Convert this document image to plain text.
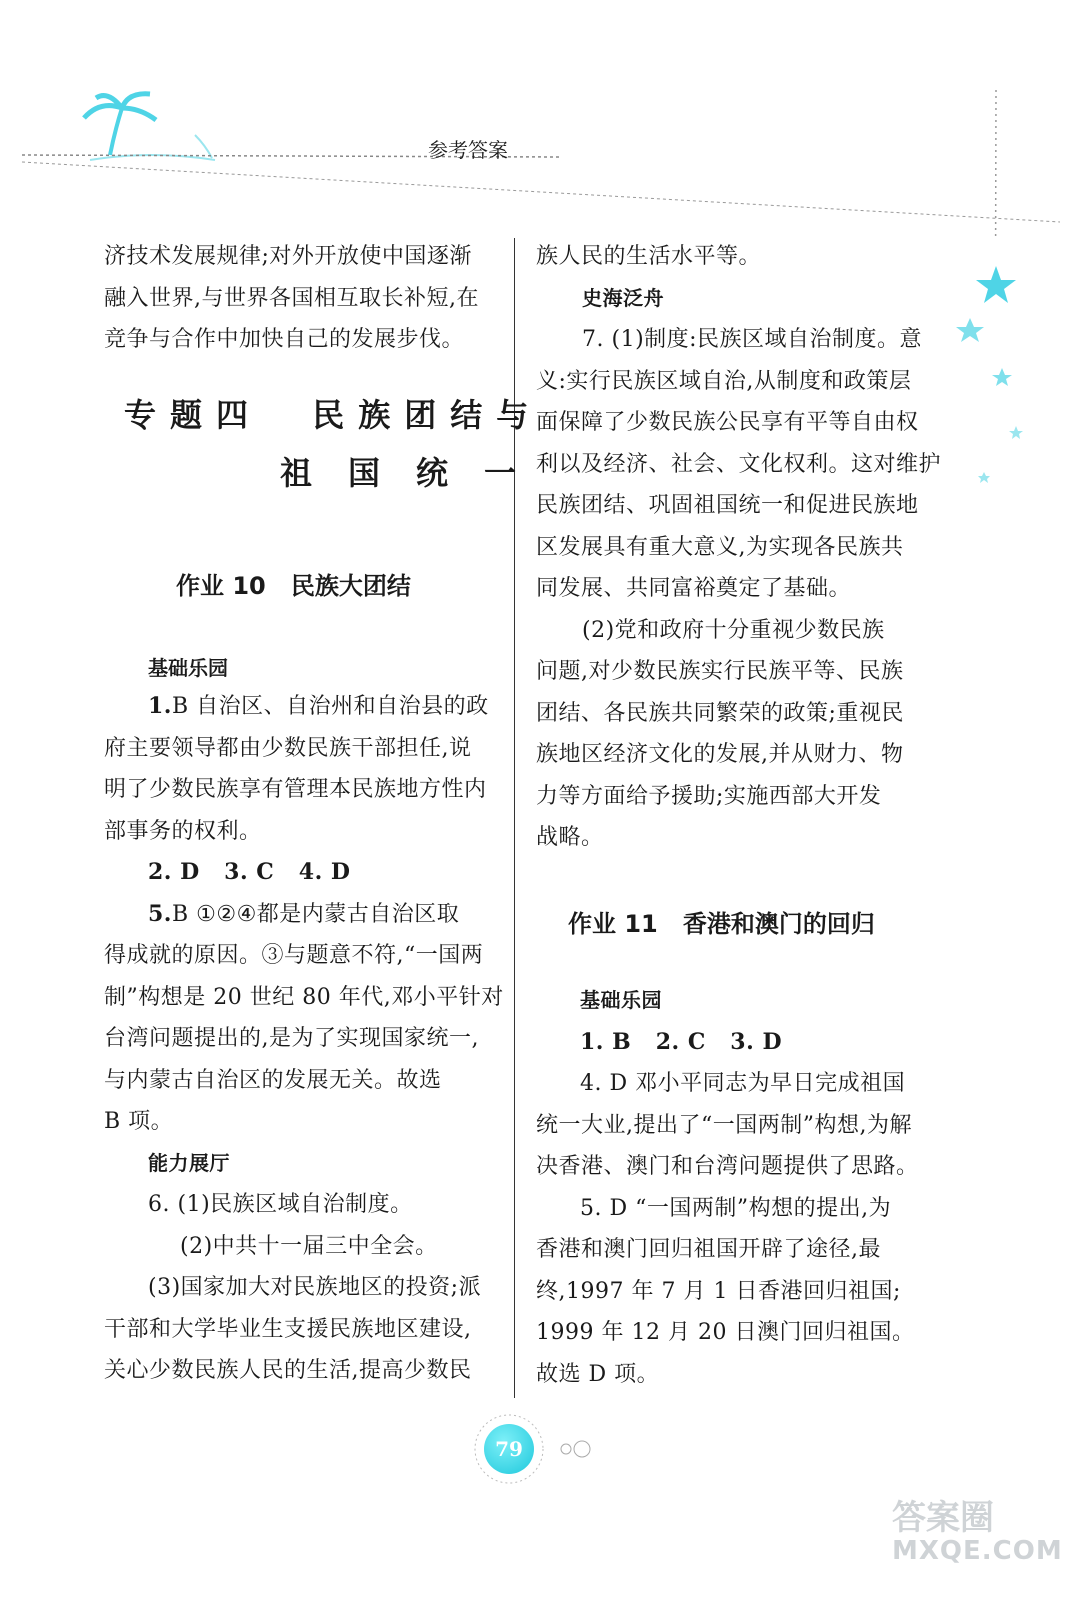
参考答案
济技术发展规律;对外开放使中国逐渐
融入世界,与世界各国相互取长补短,在
竞争与合作中加快自己的发展步伐。
专题四  民族团结与
祖国统一
作业 10   民族大团结
基础乐园
1.B 自治区、自治州和自治县的政
府主要领导都由少数民族干部担任,说
明了少数民族享有管理本民族地方性内
部事务的权利。
2. D   3. C   4. D
5.B ①②④都是内蒙古自治区取
得成就的原因。③与题意不符,“一国两
制”构想是 20 世纪 80 年代,邓小平针对
台湾问题提出的,是为了实现国家统一,
与内蒙古自治区的发展无关。故选
B 项。
能力展厅
6. (1)民族区域自治制度。
(2)中共十一届三中全会。
(3)国家加大对民族地区的投资;派
干部和大学毕业生支援民族地区建设,
关心少数民族人民的生活,提高少数民
族人民的生活水平等。
史海泛舟
7. (1)制度:民族区域自治制度。意
义:实行民族区域自治,从制度和政策层
面保障了少数民族公民享有平等自由权
利以及经济、社会、文化权利。这对维护
民族团结、巩固祖国统一和促进民族地
区发展具有重大意义,为实现各民族共
同发展、共同富裕奠定了基础。
(2)党和政府十分重视少数民族
问题,对少数民族实行民族平等、民族
团结、各民族共同繁荣的政策;重视民
族地区经济文化的发展,并从财力、物
力等方面给予援助;实施西部大开发
战略。
作业 11   香港和澳门的回归
基础乐园
1. B   2. C   3. D
4. D 邓小平同志为早日完成祖国
统一大业,提出了“一国两制”构想,为解
决香港、澳门和台湾问题提供了思路。
5. D “一国两制”构想的提出,为
香港和澳门回归祖国开辟了途径,最
终,1997 年 7 月 1 日香港回归祖国;
1999 年 12 月 20 日澳门回归祖国。
故选 D 项。
79
答案圈
MXQE.COM
